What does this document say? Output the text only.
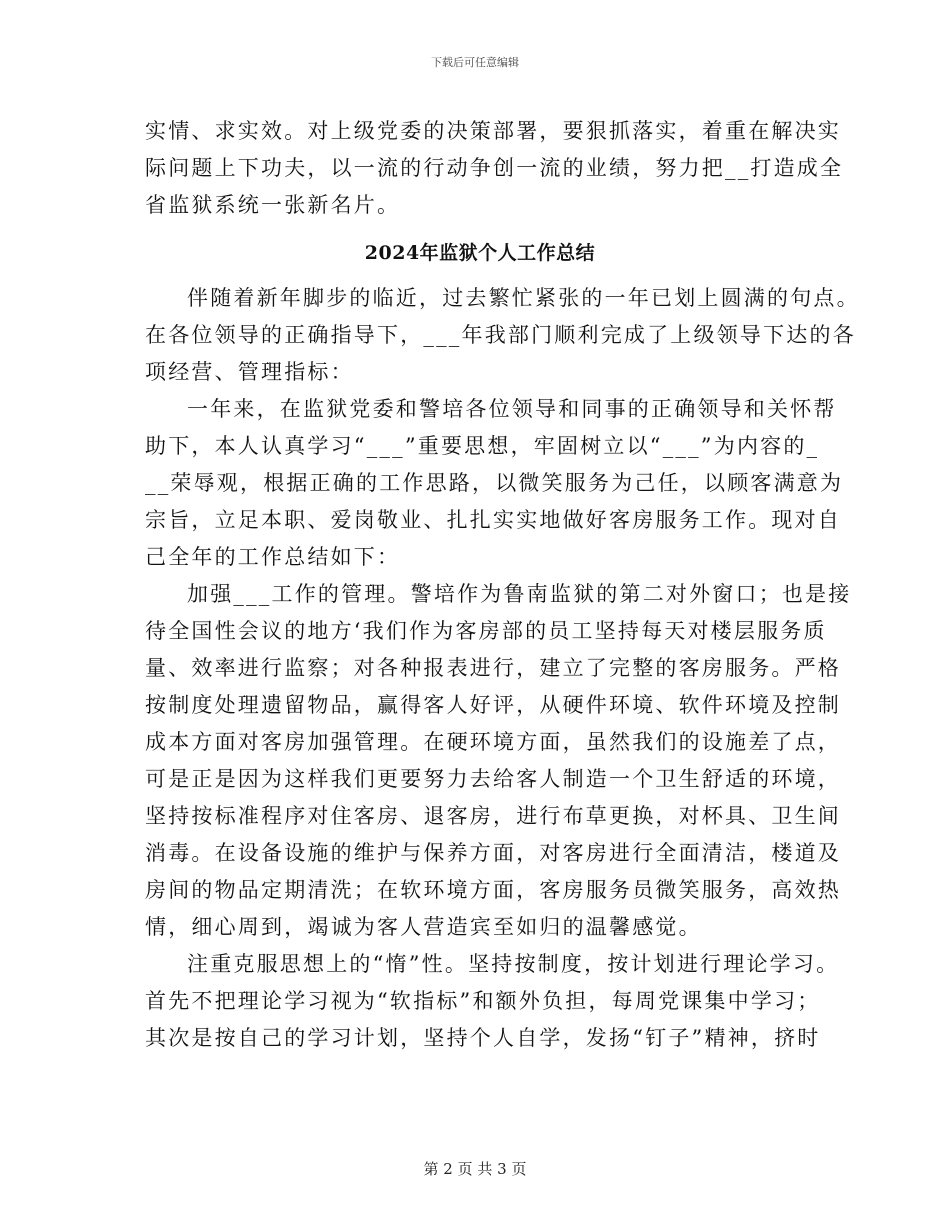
下载后可任意编辑
实情、求实效。对上级党委的决策部署，要狠抓落实，着重在解决实
际问题上下功夫，以一流的行动争创一流的业绩，努力把__打造成全
省监狱系统一张新名片。
2024年监狱个人工作总结
伴随着新年脚步的临近，过去繁忙紧张的一年已划上圆满的句点。
在各位领导的正确指导下，___年我部门顺利完成了上级领导下达的各
项经营、管理指标：
一年来，在监狱党委和警培各位领导和同事的正确领导和关怀帮
助下，本人认真学习“___”重要思想，牢固树立以“___”为内容的_
__荣辱观，根据正确的工作思路，以微笑服务为己任，以顾客满意为
宗旨，立足本职、爱岗敬业、扎扎实实地做好客房服务工作。现对自
己全年的工作总结如下：
加强___工作的管理。警培作为鲁南监狱的第二对外窗口；也是接
待全国性会议的地方‘我们作为客房部的员工坚持每天对楼层服务质
量、效率进行监察；对各种报表进行，建立了完整的客房服务。严格
按制度处理遗留物品，赢得客人好评，从硬件环境、软件环境及控制
成本方面对客房加强管理。在硬环境方面，虽然我们的设施差了点，
可是正是因为这样我们更要努力去给客人制造一个卫生舒适的环境，
坚持按标准程序对住客房、退客房，进行布草更换，对杯具、卫生间
消毒。在设备设施的维护与保养方面，对客房进行全面清洁，楼道及
房间的物品定期清洗；在软环境方面，客房服务员微笑服务，高效热
情，细心周到，竭诚为客人营造宾至如归的温馨感觉。
注重克服思想上的“惰”性。坚持按制度，按计划进行理论学习。
首先不把理论学习视为“软指标”和额外负担，每周党课集中学习；
其次是按自己的学习计划，坚持个人自学，发扬“钉子”精神，挤时
第 2 页 共 3 页
